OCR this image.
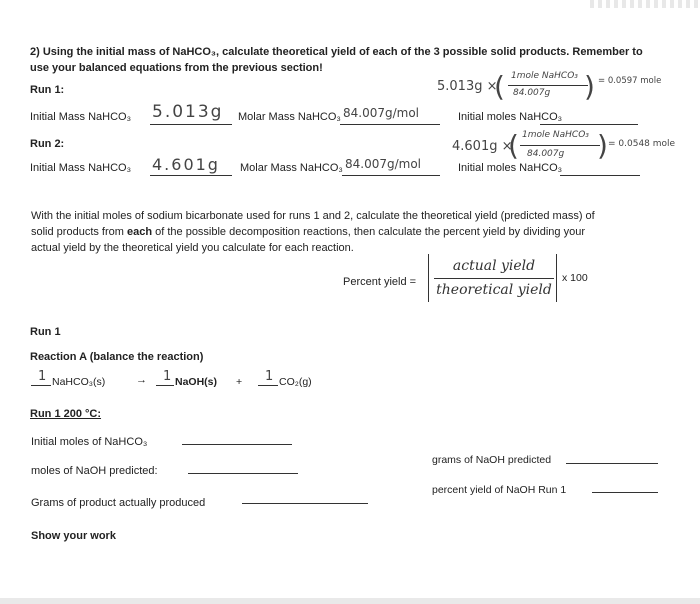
2) Using the initial mass of NaHCO₃, calculate theoretical yield of each of the 3 possible solid products. Remember to
use your balanced equations from the previous section!
Run 1:	5.013g ×
( 1mole NaHCO₃
84.007g ) = 0.0597 mole
Initial Mass NaHCO₃ 5.013g Molar Mass NaHCO₃ 84.007g/mol	Initial moles NaHCO₃
Run 2:	4.601g ×
( 1mole NaHCO₃
84.007g ) = 0.0548 mole
Initial Mass NaHCO₃ 4.601g Molar Mass NaHCO₃ 84.007g/mol	Initial moles NaHCO₃
With the initial moles of sodium bicarbonate used for runs 1 and 2, calculate the theoretical yield (predicted mass) of
solid products from each of the possible decomposition reactions, then calculate the percent yield by dividing your
actual yield by the theoretical yield you calculate for each reaction.
Percent yield =
actual yield
theoretical yield
x 100
Run 1
Reaction A (balance the reaction)
1 NaHCO₃(s)	→ 1 NaOH(s) + 1 CO₂(g)
Run 1 200 °C:
Initial moles of NaHCO₃
moles of NaOH predicted:
Grams of product actually produced
Show your work
grams of NaOH predicted
percent yield of NaOH Run 1
